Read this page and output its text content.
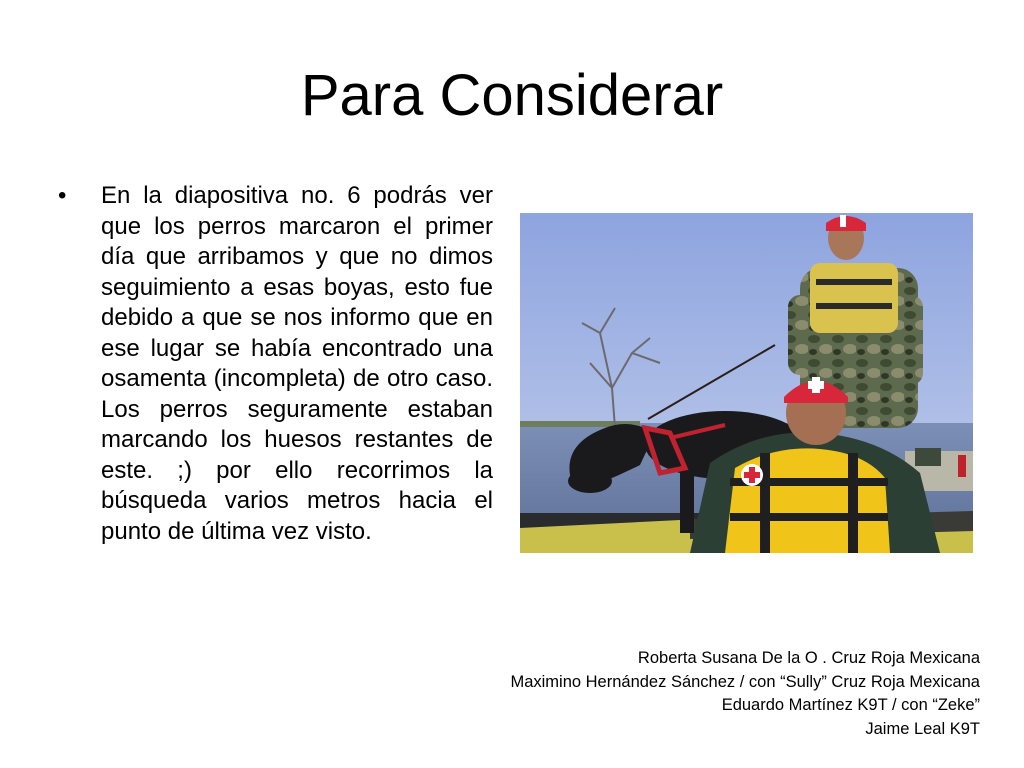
Para Considerar
•	En la diapositiva no. 6 podrás ver que los perros marcaron el primer día que arribamos y que no dimos seguimiento a esas boyas, esto fue debido a que se nos informo que en ese lugar se había encontrado una osamenta (incompleta) de otro caso. Los perros seguramente estaban marcando los huesos restantes de este. ;) por ello recorrimos la búsqueda varios metros hacia el punto de última vez visto.
Roberta Susana De la O . Cruz Roja Mexicana
Maximino Hernández Sánchez / con “Sully” Cruz Roja Mexicana
Eduardo Martínez K9T / con “Zeke”
Jaime Leal K9T
